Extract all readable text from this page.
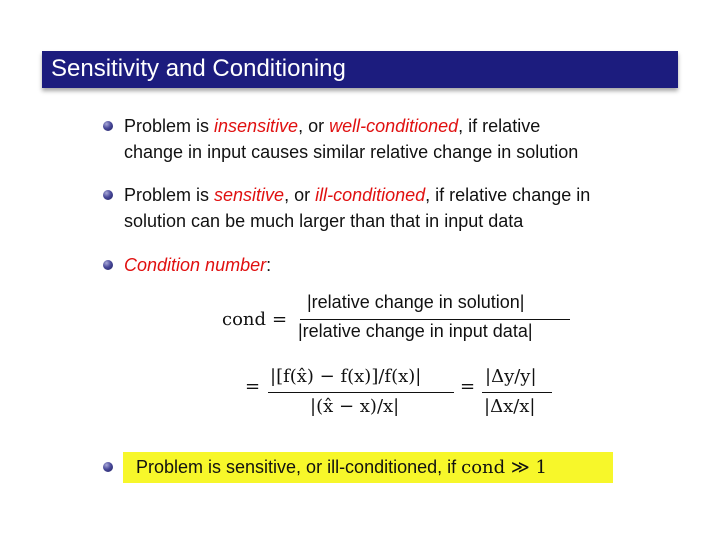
Sensitivity and Conditioning
Problem is insensitive, or well-conditioned, if relative
change in input causes similar relative change in solution
Problem is sensitive, or ill-conditioned, if relative change in
solution can be much larger than that in input data
Condition number:
cond =
|relative change in solution|
|relative change in input data|
= |[f(x̂) − f(x)]/f(x)|
|(x̂ − x)/x|
= |Δy/y|
|Δx/x|
Problem is sensitive, or ill-conditioned, if cond ≫ 1
